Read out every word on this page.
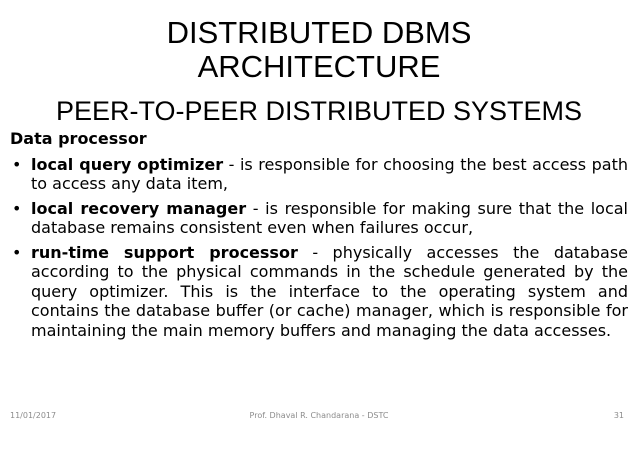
DISTRIBUTED DBMS
ARCHITECTURE
PEER-TO-PEER DISTRIBUTED SYSTEMS
Data processor
• local query optimizer - is responsible for choosing the best access path to access any data item,
• local recovery manager - is responsible for making sure that the local database remains consistent even when failures occur,
• run-time support processor - physically accesses the database according to the physical commands in the schedule generated by the query optimizer. This is the interface to the operating system and contains the database buffer (or cache) manager, which is responsible for maintaining the main memory buffers and managing the data accesses.
11/01/2017	Prof. Dhaval R. Chandarana - DSTC	31
